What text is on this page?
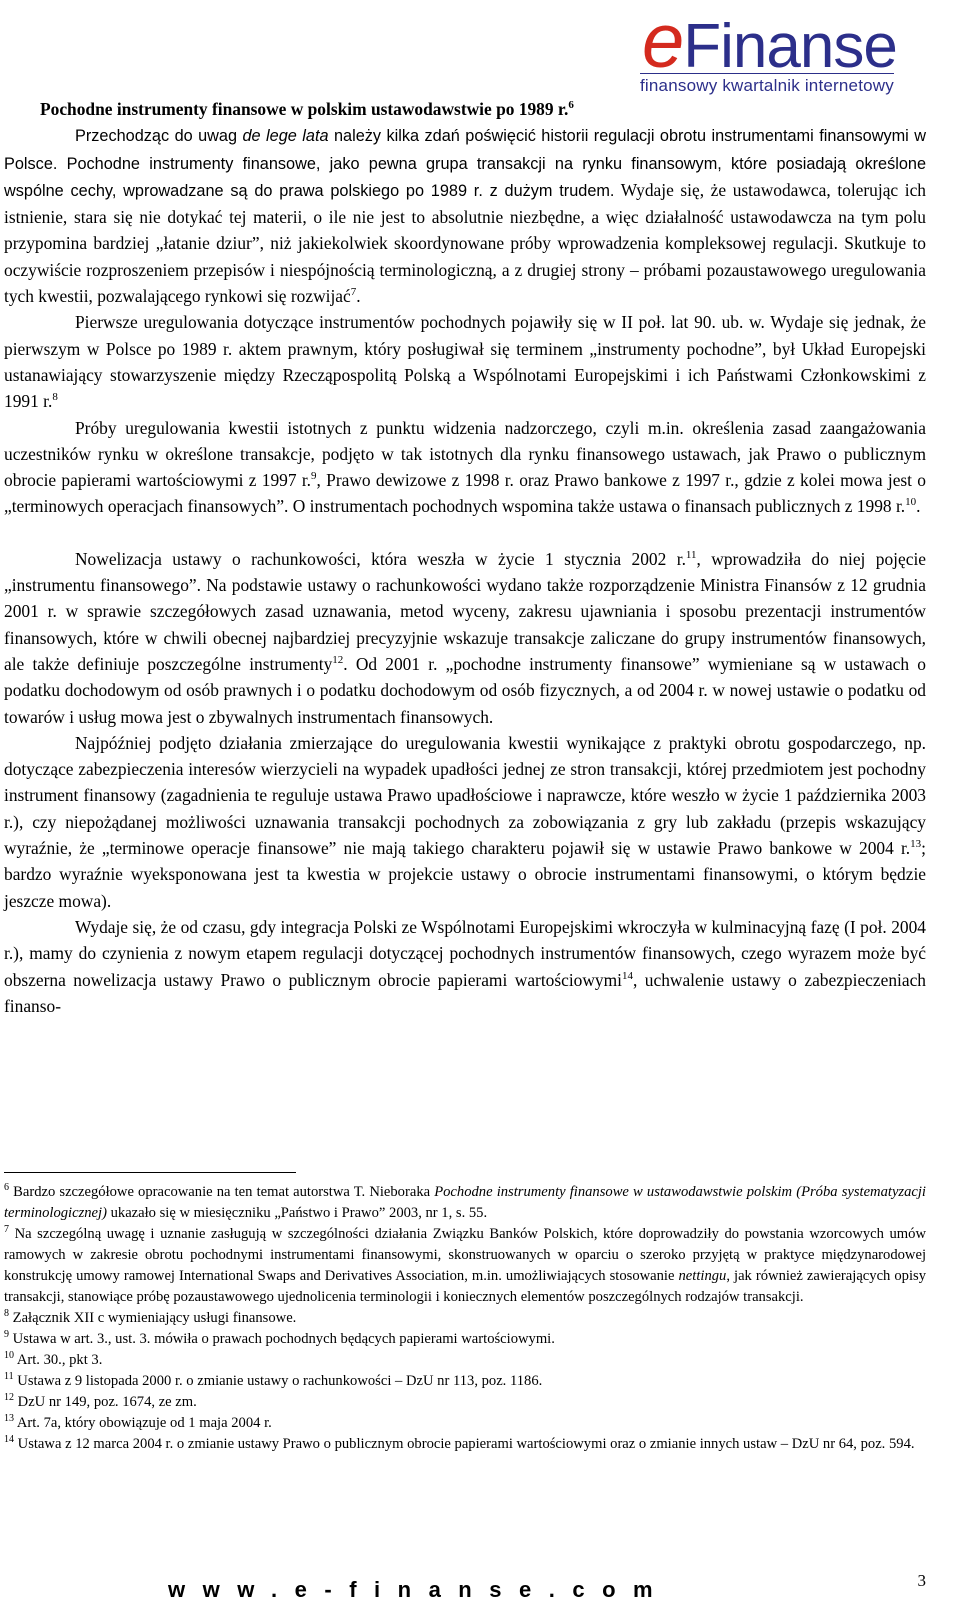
eFinanse
finansowy kwartalnik internetowy

Pochodne instrumenty finansowe w polskim ustawodawstwie po 1989 r.$^6$

Przechodząc do uwag de lege lata należy kilka zdań poświęcić historii regulacji obrotu instrumentami finansowymi w Polsce. Pochodne instrumenty finansowe, jako pewna grupa transakcji na rynku finansowym, które posiadają określone wspólne cechy, wprowadzane są do prawa polskiego po 1989 r. z dużym trudem. Wydaje się, że ustawodawca, tolerując ich istnienie, stara się nie dotykać tej materii, o ile nie jest to absolutnie niezbędne, a więc działalność ustawodawcza na tym polu przypomina bardziej „łatanie dziur”, niż jakiekolwiek skoordynowane próby wprowadzenia kompleksowej regulacji. Skutkuje to oczywiście rozproszeniem przepisów i niespójnością terminologiczną, a z drugiej strony – próbami pozaustawowego uregulowania tych kwestii, pozwalającego rynkowi się rozwijać$^7$.

Pierwsze uregulowania dotyczące instrumentów pochodnych pojawiły się w II poł. lat 90. ub. w. Wydaje się jednak, że pierwszym w Polsce po 1989 r. aktem prawnym, który posługiwał się terminem „instrumenty pochodne”, był Układ Europejski ustanawiający stowarzyszenie między Rzecząpospolitą Polską a Wspólnotami Europejskimi i ich Państwami Członkowskimi z 1991 r.$^8$

Próby uregulowania kwestii istotnych z punktu widzenia nadzorczego, czyli m.in. określenia zasad zaangażowania uczestników rynku w określone transakcje, podjęto w tak istotnych dla rynku finansowego ustawach, jak Prawo o publicznym obrocie papierami wartościowymi z 1997 r.$^9$, Prawo dewizowe z 1998 r. oraz Prawo bankowe z 1997 r., gdzie z kolei mowa jest o „terminowych operacjach finansowych”. O instrumentach pochodnych wspomina także ustawa o finansach publicznych z 1998 r.$^{10}$.

Nowelizacja ustawy o rachunkowości, która weszła w życie 1 stycznia 2002 r.$^{11}$, wprowadziła do niej pojęcie „instrumentu finansowego”. Na podstawie ustawy o rachunkowości wydano także rozporządzenie Ministra Finansów z 12 grudnia 2001 r. w sprawie szczegółowych zasad uznawania, metod wyceny, zakresu ujawniania i sposobu prezentacji instrumentów finansowych, które w chwili obecnej najbardziej precyzyjnie wskazuje transakcje zaliczane do grupy instrumentów finansowych, ale także definiuje poszczególne instrumenty$^{12}$. Od 2001 r. „pochodne instrumenty finansowe” wymieniane są w ustawach o podatku dochodowym od osób prawnych i o podatku dochodowym od osób fizycznych, a od 2004 r. w nowej ustawie o podatku od towarów i usług mowa jest o zbywalnych instrumentach finansowych.

Najpóźniej podjęto działania zmierzające do uregulowania kwestii wynikające z praktyki obrotu gospodarczego, np. dotyczące zabezpieczenia interesów wierzycieli na wypadek upadłości jednej ze stron transakcji, której przedmiotem jest pochodny instrument finansowy (zagadnienia te reguluje ustawa Prawo upadłościowe i naprawcze, które weszło w życie 1 października 2003 r.), czy niepożądanej możliwości uznawania transakcji pochodnych za zobowiązania z gry lub zakładu (przepis wskazujący wyraźnie, że „terminowe operacje finansowe” nie mają takiego charakteru pojawił się w ustawie Prawo bankowe w 2004 r.$^{13}$; bardzo wyraźnie wyeksponowana jest ta kwestia w projekcie ustawy o obrocie instrumentami finansowymi, o którym będzie jeszcze mowa).

Wydaje się, że od czasu, gdy integracja Polski ze Wspólnotami Europejskimi wkroczyła w kulminacyjną fazę (I poł. 2004 r.), mamy do czynienia z nowym etapem regulacji dotyczącej pochodnych instrumentów finansowych, czego wyrazem może być obszerna nowelizacja ustawy Prawo o publicznym obrocie papierami wartościowymi$^{14}$, uchwalenie ustawy o zabezpieczeniach finanso-

$^6$ Bardzo szczegółowe opracowanie na ten temat autorstwa T. Nieboraka Pochodne instrumenty finansowe w ustawodawstwie polskim (Próba systematyzacji terminologicznej) ukazało się w miesięczniku „Państwo i Prawo” 2003, nr 1, s. 55.

$^7$ Na szczególną uwagę i uznanie zasługują w szczególności działania Związku Banków Polskich, które doprowadziły do powstania wzorcowych umów ramowych w zakresie obrotu pochodnymi instrumentami finansowymi, skonstruowanych w oparciu o szeroko przyjętą w praktyce międzynarodowej konstrukcję umowy ramowej International Swaps and Derivatives Association, m.in. umożliwiających stosowanie nettingu, jak również zawierających opisy transakcji, stanowiące próbę pozaustawowego ujednolicenia terminologii i koniecznych elementów poszczególnych rodzajów transakcji.

$^8$ Załącznik XII c wymieniający usługi finansowe.

$^9$ Ustawa w art. 3., ust. 3. mówiła o prawach pochodnych będących papierami wartościowymi.

$^{10}$ Art. 30., pkt 3.

$^{11}$ Ustawa z 9 listopada 2000 r. o zmianie ustawy o rachunkowości – DzU nr 113, poz. 1186.

$^{12}$ DzU nr 149, poz. 1674, ze zm.

$^{13}$ Art. 7a, który obowiązuje od 1 maja 2004 r.

$^{14}$ Ustawa z 12 marca 2004 r. o zmianie ustawy Prawo o publicznym obrocie papierami wartościowymi oraz o zmianie innych ustaw – DzU nr 64, poz. 594.

www.e-finanse.com	3
